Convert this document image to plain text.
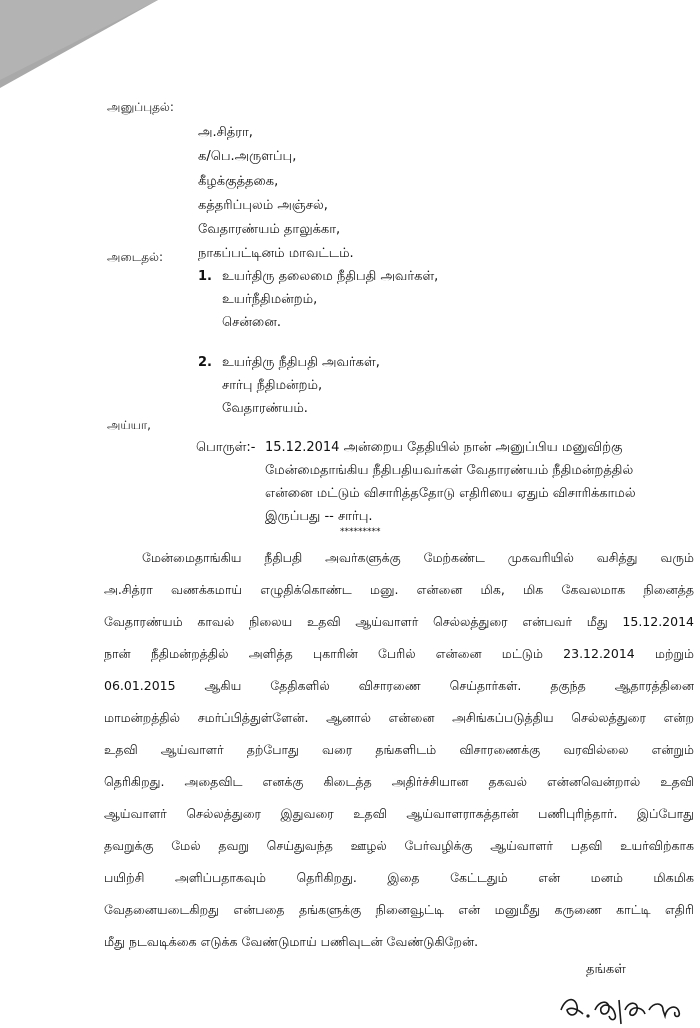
அனுப்புதல்:
அ.சித்ரா,
க/பெ.அருளப்பு,
கீழக்குத்தகை,
கத்தரிப்புலம் அஞ்சல்,
வேதாரண்யம் தாலுக்கா,
நாகப்பட்டினம் மாவட்டம்.
அடைதல்:
1. உயர்திரு தலைமை நீதிபதி அவர்கள்,
உயர்நீதிமன்றம்,
சென்னை.
2. உயர்திரு நீதிபதி அவர்கள்,
சார்பு நீதிமன்றம்,
வேதாரண்யம்.
அய்யா,
பொருள்:- 15.12.2014 அன்றைய தேதியில் நான் அனுப்பிய மனுவிற்கு
மேன்மைதாங்கிய நீதிபதியவர்கள் வேதாரண்யம் நீதிமன்றத்தில்
என்னை மட்டும் விசாரித்ததோடு எதிரியை ஏதும் விசாரிக்காமல்
இருப்பது -- சார்பு.
*********
மேன்மைதாங்கிய நீதிபதி அவர்களுக்கு மேற்கண்ட முகவரியில் வசித்து வரும்
அ.சித்ரா வணக்கமாய் எழுதிக்கொண்ட மனு. என்னை மிக, மிக கேவலமாக நினைத்த
வேதாரண்யம் காவல் நிலைய உதவி ஆய்வாளர் செல்லத்துரை என்பவர் மீது 15.12.2014
நான் நீதிமன்றத்தில் அளித்த புகாரின் பேரில் என்னை மட்டும் 23.12.2014 மற்றும்
06.01.2015 ஆகிய தேதிகளில் விசாரணை செய்தார்கள். தகுந்த ஆதாரத்தினை
மாமன்றத்தில் சமர்ப்பித்துள்ளேன். ஆனால் என்னை அசிங்கப்படுத்திய செல்லத்துரை என்ற
உதவி ஆய்வாளர் தற்போது வரை தங்களிடம் விசாரணைக்கு வரவில்லை என்றும்
தெரிகிறது. அதைவிட எனக்கு கிடைத்த அதிர்ச்சியான தகவல் என்னவென்றால் உதவி
ஆய்வாளர் செல்லத்துரை இதுவரை உதவி ஆய்வாளராகத்தான் பணிபுரிந்தார். இப்போது
தவறுக்கு மேல் தவறு செய்துவந்த ஊழல் பேர்வழிக்கு ஆய்வாளர் பதவி உயர்விற்காக
பயிற்சி அளிப்பதாகவும் தெரிகிறது. இதை கேட்டதும் என் மனம் மிகமிக
வேதனையடைகிறது என்பதை தங்களுக்கு நினைவூட்டி என் மனுமீது கருணை காட்டி எதிரி
மீது நடவடிக்கை எடுக்க வேண்டுமாய் பணிவுடன் வேண்டுகிறேன்.
தங்கள்
